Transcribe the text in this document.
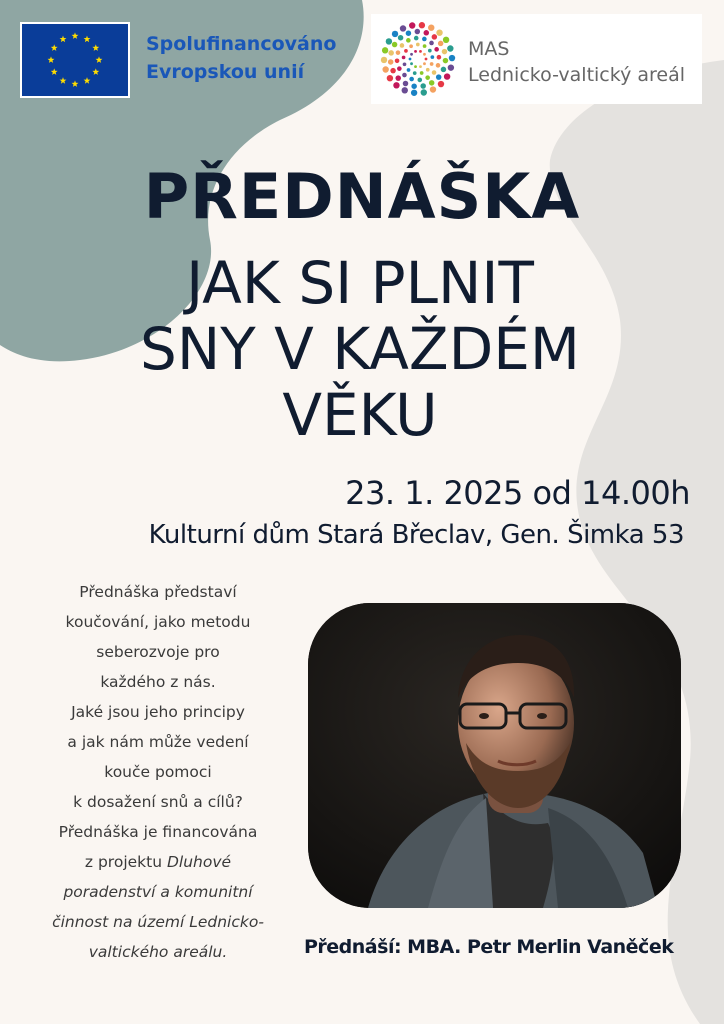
Spolufinancováno
Evropskou unií
MAS
Lednicko-valtický areál
PŘEDNÁŠKA
JAK SI PLNIT
SNY V KAŽDÉM
VĚKU
23. 1. 2025 od 14.00h
Kulturní dům Stará Břeclav, Gen. Šimka 53
Přednáška představí
koučování, jako metodu
seberozvoje pro
každého z nás.
Jaké jsou jeho principy
a jak nám může vedení
kouče pomoci
k dosažení snů a cílů?
Přednáška je financována
z projektu Dluhové
poradenství a komunitní
činnost na území Lednicko-
valtického areálu.	Přednáší: MBA. Petr Merlin Vaněček
